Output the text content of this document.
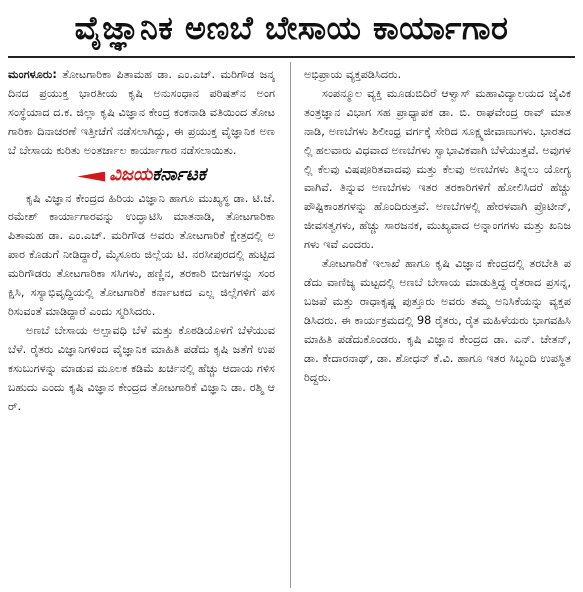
ವೈಜ್ಞಾನಿಕ ಅಣಬೆ ಬೇಸಾಯ ಕಾರ್ಯಾಗಾರ

ಮಂಗಳೂರು: ತೋಟಗಾರಿಕಾ ಪಿತಾಮಹ ಡಾ. ಎಂ.ಎಚ್. ಮರಿಗೌಡ ಜನ್ಮದಿನದ ಪ್ರಯುಕ್ತ ಭಾರತೀಯ ಕೃಷಿ ಅನುಸಂಧಾನ ಪರಿಷತ್‌ನ ಅಂಗ ಸಂಸ್ಥೆಯಾದ ದ.ಕ. ಜಿಲ್ಲಾ ಕೃಷಿ ವಿಜ್ಞಾನ ಕೇಂದ್ರ ಕಂಕನಾಡಿ ವತಿಯಿಂದ ತೋಟಗಾರಿಕಾ ದಿನಾಚರಣೆ ಇತ್ತೀಚೆಗೆ ನಡೆಸಲಾಗಿದ್ದು, ಈ ಪ್ರಯುಕ್ತ ವೈಜ್ಞಾನಿಕ ಅಣಬೆ ಬೇಸಾಯ ಕುರಿತು ಅಂತರ್ಜಾಲ ಕಾರ್ಯಾಗಾರ ನಡೆಸಲಾಯಿತು.

ವಿಜಯಕರ್ನಾಟಕ

ಕೃಷಿ ವಿಜ್ಞಾನ ಕೇಂದ್ರದ ಹಿರಿಯ ವಿಜ್ಞಾನಿ ಹಾಗೂ ಮುಖ್ಯಸ್ಥ ಡಾ. ಟಿ.ಜೆ. ರಮೇಶ್ ಕಾರ್ಯಾಗಾರವನ್ನು ಉದ್ಘಾಟಿಸಿ ಮಾತನಾಡಿ, ತೋಟಗಾರಿಕಾ ಪಿತಾಮಹ ಡಾ. ಎಂ.ಎಚ್. ಮರಿಗೌಡ ಅವರು ತೋಟಗಾರಿಕೆ ಕ್ಷೇತ್ರದಲ್ಲಿ ಅಪಾರ ಕೊಡುಗೆ ನೀಡಿದ್ದಾರೆ, ಮೈಸೂರು ಜಿಲ್ಲೆಯ ಟಿ. ನರಸೀಪುರದಲ್ಲಿ ಹುಟ್ಟಿದ ಮರಿಗೌಡರು ತೋಟಗಾರಿಕಾ ಸಸಿಗಳು, ಹಣ್ಣಿನ, ತರಕಾರಿ ಬೀಜಗಳನ್ನು ಸಂರಕ್ಷಿಸಿ, ಸಸ್ಯಾಭಿವೃದ್ಧಿಯಲ್ಲಿ ತೋಟಗಾರಿಕೆ ಕರ್ನಾಟಕದ ಎಲ್ಲ ಜಿಲ್ಲೆಗಳಿಗೆ ಪಸರಿಸುವಂತೆ ಮಾಡಿದ್ದಾರೆ ಎಂದು ಸ್ಮರಿಸಿದರು.

ಅಣಬೆ ಬೇಸಾಯ ಅಲ್ಪಾವಧಿ ಬೆಳೆ ಮತ್ತು ಕೊಠಡಿಯೊಳಗೆ ಬೆಳೆಯುವ ಬೆಳೆ. ರೈತರು ವಿಜ್ಞಾನಿಗಳಿಂದ ವೈಜ್ಞಾನಿಕ ಮಾಹಿತಿ ಪಡೆದು ಕೃಷಿ ಜತೆಗೆ ಉಪ ಕಸುಬುಗಳನ್ನು ಮಾಡುವ ಮೂಲಕ ಕಡಿಮೆ ಖರ್ಚಿನಲ್ಲಿ ಹೆಚ್ಚು ಆದಾಯ ಗಳಿಸಬಹುದು ಎಂದು ಕೃಷಿ ವಿಜ್ಞಾನ ಕೇಂದ್ರದ ತೋಟಗಾರಿಕೆ ವಿಜ್ಞಾನಿ ಡಾ. ರಶ್ಮಿ ಆರ್.

ಅಭಿಪ್ರಾಯ ವ್ಯಕ್ತಪಡಿಸಿದರು.

ಸಂಪನ್ಮೂಲ ವ್ಯಕ್ತಿ ಮೂಡುಬಿದಿರೆ ಆಳ್ವಾಸ್ ಮಹಾವಿದ್ಯಾಲಯದ ಜೈವಿಕ ತಂತ್ರಜ್ಞಾನ ವಿಭಾಗ ಸಹ ಪ್ರಾಧ್ಯಾಪಕ ಡಾ. ಬಿ. ರಾಘವೇಂದ್ರ ರಾವ್ ಮಾತನಾಡಿ, ಅಣಬೆಗಳು ಶಿಲೀಂಧ್ರ ವರ್ಗಕ್ಕೆ ಸೇರಿದ ಸೂಕ್ಷ್ಮಜೀವಾಣುಗಳು. ಭಾರತದಲ್ಲಿ ಹಲವಾರು ವಿಧವಾದ ಅಣಬೆಗಳು ಸ್ವಾಭಾವಿಕವಾಗಿ ಬೆಳೆಯುತ್ತವೆ. ಅವುಗಳಲ್ಲಿ ಕೆಲವು ವಿಷಪೂರಿತವಾದವು ಮತ್ತು ಕೆಲವು ಅಣಬೆಗಳು ತಿನ್ನಲು ಯೋಗ್ಯವಾಗಿವೆ. ತಿನ್ನುವ ಅಣಬೆಗಳು ಇತರ ತರಕಾರಿಗಳಿಗೆ ಹೋಲಿಸಿದರೆ ಹೆಚ್ಚು ಪೌಷ್ಟಿಕಾಂಶಗಳನ್ನು ಹೊಂದಿರುತ್ತವೆ. ಅಣಬೆಗಳಲ್ಲಿ ಹೇರಳವಾಗಿ ಪ್ರೊಟೀನ್, ಜೀವಸತ್ವಗಳು, ಹೆಚ್ಚು ಸಾರಜನಕ, ಮುಖ್ಯವಾದ ಅನ್ನಾಂಗಗಳು ಮತ್ತು ಖನಿಜಗಳು ಇವೆ ಎಂದರು.

ತೋಟಗಾರಿಕೆ ಇಲಾಖೆ ಹಾಗೂ ಕೃಷಿ ವಿಜ್ಞಾನ ಕೇಂದ್ರದಲ್ಲಿ ತರಬೇತಿ ಪಡೆದು ವಾಣಿಜ್ಯ ಮಟ್ಟದಲ್ಲಿ ಅಣಬೆ ಬೇಸಾಯ ಮಾಡುತ್ತಿದ್ದ ರೈತರಾದ ಪ್ರಸನ್ನ, ಬಜಪೆ ಮತ್ತು ರಾಧಾಕೃಷ್ಣ ಪುತ್ತೂರು ಅವರು ತಮ್ಮ ಅನಿಸಿಕೆಯನ್ನು ವ್ಯಕ್ತಪಡಿಸಿದರು. ಈ ಕಾರ್ಯಕ್ರಮದಲ್ಲಿ 98 ರೈತರು, ರೈತ ಮಹಿಳೆಯರು ಭಾಗವಹಿಸಿ ಮಾಹಿತಿ ಪಡೆದುಕೊಂಡರು. ಕೃಷಿ ವಿಜ್ಞಾನ ಕೇಂದ್ರದ ಡಾ. ಎನ್. ಚೇತನ್, ಡಾ. ಕೇದಾರನಾಥ್, ಡಾ. ಶೋಧನ್ ಕೆ.ವಿ. ಹಾಗೂ ಇತರ ಸಿಬ್ಬಂದಿ ಉಪಸ್ಥಿತರಿದ್ದರು.
